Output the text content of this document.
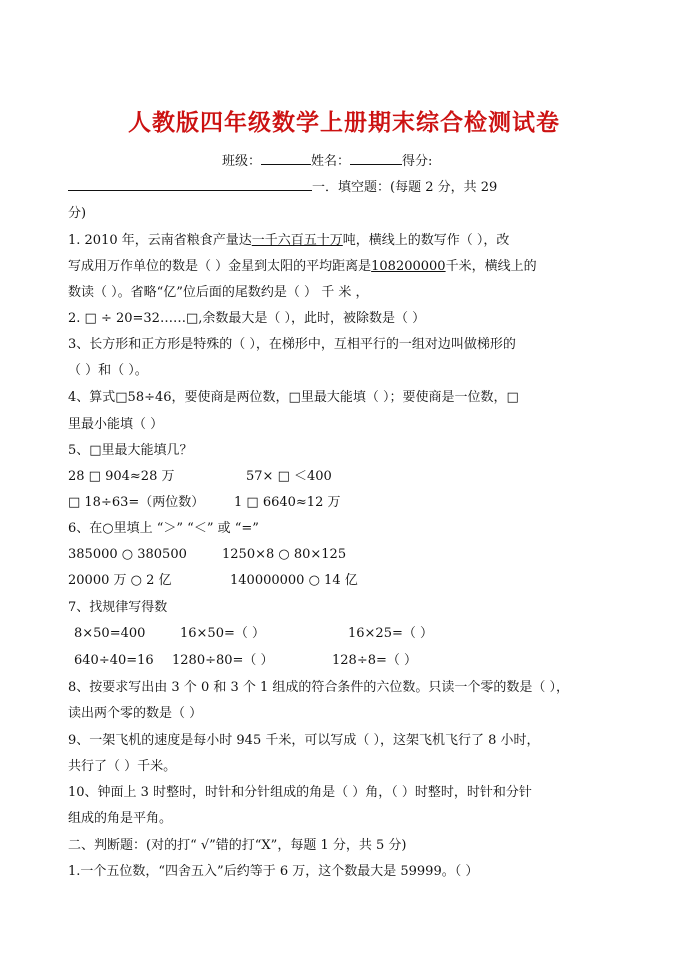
人教版四年级数学上册期末综合检测试卷
班级：	姓名：	得分:
一．填空题：(每题 2 分，共 29
分)
1. 2010 年，云南省粮食产量达一千六百五十万吨，横线上的数写作（ ），改
写成用万作单位的数是（ ）金星到太阳的平均距离是108200000千米，横线上的
数读（ ）。省略“亿”位后面的尾数约是（ ） 千 米 ，
2. □ ÷ 20=32……□,余数最大是（ ），此时，被除数是（ ）
3、长方形和正方形是特殊的（ ），在梯形中，互相平行的一组对边叫做梯形的
（ ）和（ ）。
4、算式□58÷46，要使商是两位数，□里最大能填（ ）；要使商是一位数，□
里最小能填（ ）
5、□里最大能填几？
28 □ 904≈28 万	57× □ ＜400
□ 18÷63=（两位数） 1 □ 6640≈12 万
6、在○里填上 “＞” “＜” 或 “=”
385000 ○ 380500	1250×8 ○ 80×125
20000 万 ○ 2 亿	140000000 ○ 14 亿
7、找规律写得数
8×50=400	16×50=（ ）	16×25=（ ）
640÷40=16 1280÷80=（ ）	128÷8=（ ）
8、按要求写出由 3 个 0 和 3 个 1 组成的符合条件的六位数。只读一个零的数是（ ），
读出两个零的数是（ ）
9、一架飞机的速度是每小时 945 千米，可以写成（ ），这架飞机飞行了 8 小时，
共行了（ ）千米。
10、钟面上 3 时整时，时针和分针组成的角是（ ）角，（ ）时整时，时针和分针
组成的角是平角。
二、判断题：(对的打“ √”错的打“X”，每题 1 分，共 5 分)
1.一个五位数，“四舍五入”后约等于 6 万，这个数最大是 59999。（ ）
